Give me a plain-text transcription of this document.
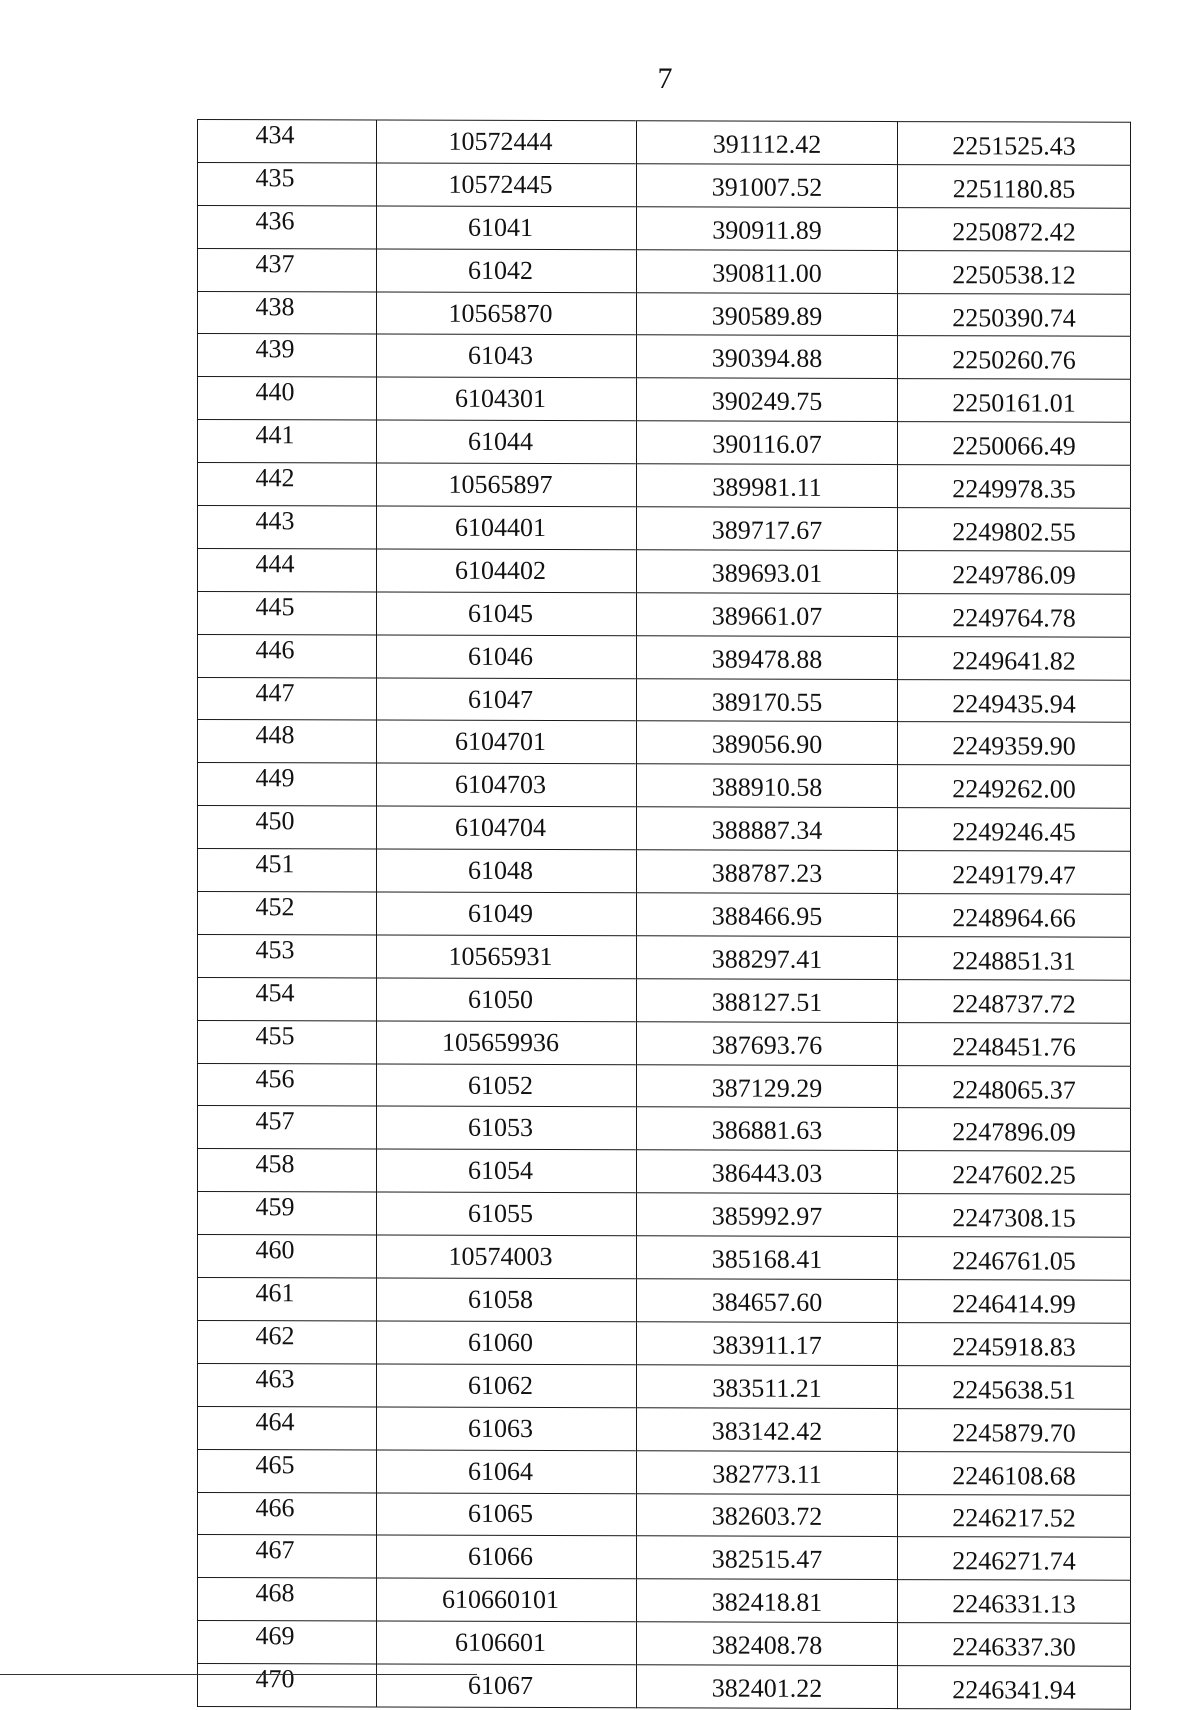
7
434	10572444	391112.42	2251525.43
435	10572445	391007.52	2251180.85
436	61041	390911.89	2250872.42
437	61042	390811.00	2250538.12
438	10565870	390589.89	2250390.74
439	61043	390394.88	2250260.76
440	6104301	390249.75	2250161.01
441	61044	390116.07	2250066.49
442	10565897	389981.11	2249978.35
443	6104401	389717.67	2249802.55
444	6104402	389693.01	2249786.09
445	61045	389661.07	2249764.78
446	61046	389478.88	2249641.82
447	61047	389170.55	2249435.94
448	6104701	389056.90	2249359.90
449	6104703	388910.58	2249262.00
450	6104704	388887.34	2249246.45
451	61048	388787.23	2249179.47
452	61049	388466.95	2248964.66
453	10565931	388297.41	2248851.31
454	61050	388127.51	2248737.72
455	105659936	387693.76	2248451.76
456	61052	387129.29	2248065.37
457	61053	386881.63	2247896.09
458	61054	386443.03	2247602.25
459	61055	385992.97	2247308.15
460	10574003	385168.41	2246761.05
461	61058	384657.60	2246414.99
462	61060	383911.17	2245918.83
463	61062	383511.21	2245638.51
464	61063	383142.42	2245879.70
465	61064	382773.11	2246108.68
466	61065	382603.72	2246217.52
467	61066	382515.47	2246271.74
468	610660101	382418.81	2246331.13
469	6106601	382408.78	2246337.30
470	61067	382401.22	2246341.94
